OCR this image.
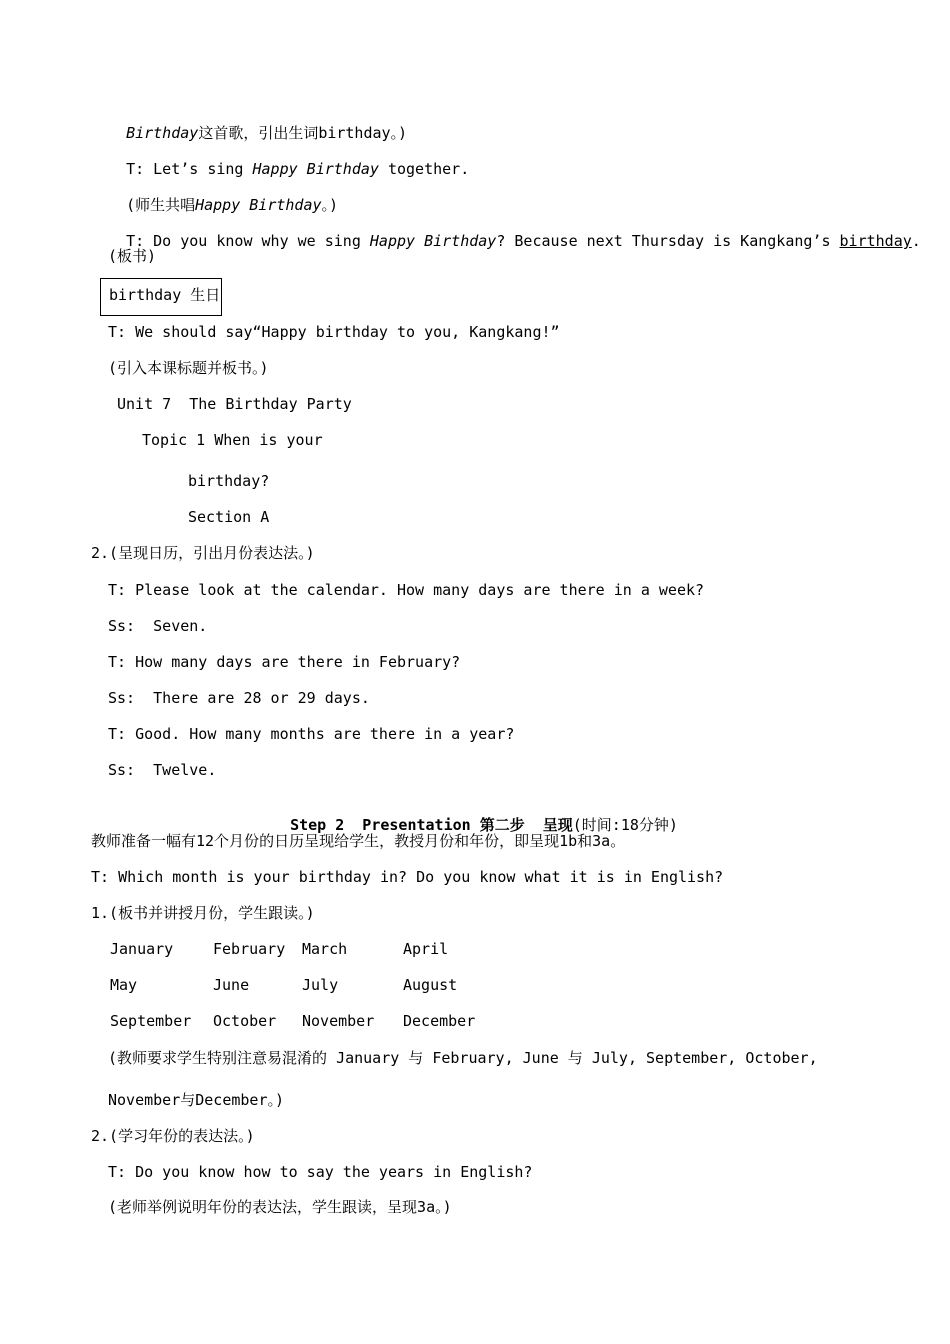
Birthday这首歌，引出生词birthday。)

T: Let’s sing Happy Birthday together.

(师生共唱Happy Birthday。)

T: Do you know why we sing Happy Birthday? Because next Thursday is Kangkang’s birthday.

(板书)
birthday 生日
T: We should say“Happy birthday to you, Kangkang!”
(引入本课标题并板书。)
Unit 7  The Birthday Party
Topic 1 When is your
birthday?
Section A
2.(呈现日历，引出月份表达法。)
T: Please look at the calendar. How many days are there in a week?
Ss:  Seven.
T: How many days are there in February?
Ss:  There are 28 or 29 days.
T: Good. How many months are there in a year?
Ss:  Twelve.

Step 2  Presentation 第二步  呈现(时间:18分钟)

教师准备一幅有12个月份的日历呈现给学生，教授月份和年份，即呈现1b和3a。
T: Which month is your birthday in? Do you know what it is in English?
1.(板书并讲授月份，学生跟读。)
January	February March	April
May	June	July	August
September October November December
(教师要求学生特别注意易混淆的 January 与 February, June 与 July, September, October,
November与December。)
2.(学习年份的表达法。)
T: Do you know how to say the years in English?
(老师举例说明年份的表达法，学生跟读，呈现3a。)
